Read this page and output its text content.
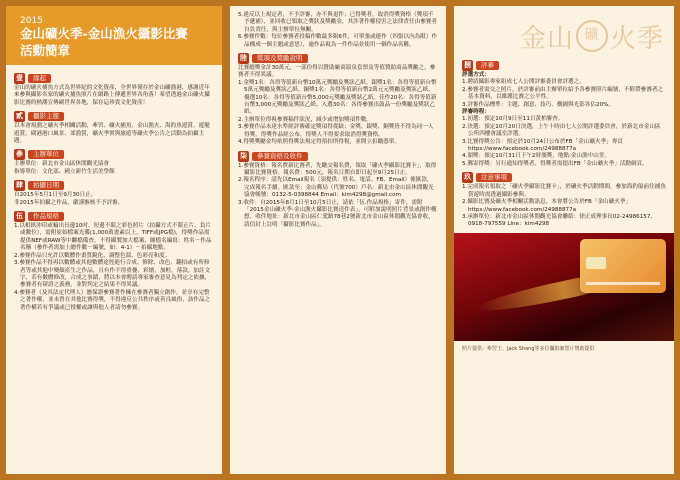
2015
金山礦火季-金山漁火攝影比賽
活動簡章
壹	緣起

金山的礦火捕魚方式為世界紀的文化資產，全世界僅存於金山礦漁港，感謝近年來參與攝影名家的礦火捕魚照片在網路上傳遞世界各角落！希望透過金山礦火攝影比賽的熱潮宣傳刷世界各地，保存這珍貴文化資產！

貳	攝影主題

以本會規劃之礦火季相關活動，牽罟、礦火捕魚、金山漁火、海釣魚遊賞、遊艇遊賞、磺港港口風景、郊漁賞，礦火季實與旅遊等礦火季公告之活動為拍攝主題。

參	主辦單位

主辦單位：新北市金山區休閒觀光協會

指導單位：文化部、國立新竹生活美學館

肆	拍攝日期

自2015年5月1日至9月30日止。

非2015年拍攝之作品，嚴謹審核不予評審。

伍	作品規格

1.以相紙沖印或輸出長邊10吋、短邊不限之彩色照片（拍攝方式不限正片、負片或數位），需附原始檔案光碟(1,000萬畫素以上，TIFF或JPG檔)，得獎作品需提供NEF或RAW等中繼檔備查，不得攝製加大檔案，圖檔名編寫：姓名－作品名稱（參作者需加上總件數－編號，如：4-1）－拍攝地點。

2.參賽作品只允許以數體作畫質銳化、調整色溫、色彩亮和度。

3.參賽作品不得再以數體或其他數體途徑進行合成、修除、改色、翻拍或有所修者等或其他中變顏產生之作品，且有作不得重疊，彩繪，加框，落款，加註文字，若有數體修改，合成之事蹟，將以本會聘請專家審查意見為判定之依據，參賽者有辯證之義務，並對判定之結果不得異議。

4.參賽者（及其法定代理人）應保證參賽著作擁在參賽者獨立創作，並享有完整之著作權，並未曾在其他比賽得獎，不得違反公共秩序或善良風俗，該作品之著作權若有爭議或已授權或讓與他人者請勿參賽。

5.違反以上規定者，不予評審，亦不與退件；已得獎者，取消得獎資格（獎項不予遞補），並回收已領取之獎狀及獎勵金，其涉著作權侵害之法律責任由參賽者自負責任，與主辦單位無關。

6.參賽件數：每位參賽者投稿作數最多限6件，可單張或連作（四張以內為限）作品構成一個主題或意思），逾作品視為一件作品並使用一個作品名稱。

陸	獎項及獎勵說明

比賽總獎金計30萬元，一部份得以贊助廠商溫泉套票及等值贊助商品獎勵之，參賽者不得異議。

1.金獎1名：各得等值新台幣10萬元獎勵及獎狀乙紙。銀獎1名：各得等值新台幣5萬元獎勵及獎狀乙紙。銅獎1名：各得等值新台幣2萬元元獎勵及獎狀乙紙。優選10名：各得等值新台幣5,000元獎勵及獎狀乙紙。佳作20名：各得等值新台幣3,000元獎勵及獎狀乙紙。入選30名：各得參賽出鼓品一份獎勵及獎狀乙紙。

2.主辦單位得視參賽稿件狀況，減少或增加獎項件數。

3.參賽作品未達水準經評審確定獎項得從缺；金獎、銀獎、銅獎皆不得為同一人得獎。得獎作品經公布，得獎人不得要求取消得獎資格。

4.得獎獎勵金均依照得獎法規定得預扣所得稅，並開立扣繳憑單。

柒	參賽資格及收件

1.參賽資格：報名費新比賽者，先繳交報名費，領取「礦火季攝影比賽卡」，取得攝影比賽資格。報名費：500元，報名日期自即日起至9月25日止。

2.報名程序：請先以Email報名（須提供：姓名、電話、FB、Email）後匯款，完成報名手續。匯款至：金山郵局（代號700）戶名：新北市金山區休閒觀光協會帳號：0132-5-0398844 Email：kim4298@gmail.com

3.收件：自2015年8月1日至10月5日止，請依「伍.作品規格」寄件，需附「2015金山礦火季-金山漁火攝影比賽送件表」，可附加說明照片背景或創作構想。收件地址：新北市金山區仁愛路78巷2號新北市金山區休閒觀光協會收，請信封上註明「攝影比賽作品」。

金山 礦 火季
捌	評審

評選方式：

1.聘請攝影專家組成七人公開評審委員會評選之。

2.參賽者需交之照片，於評審前由主辦單位給予各參賽照片編號，不附帶參賽者之基本資料，以維護比賽之公平性。

3.評審作品標準：主題、創意、技巧、構圖與光影各佔20%。

評審時程：

1.初選：預定10月9日至11日黃柏審查。

2.決選：預定10月20日決選，上午十時由七人公開評選委員會，於新北市金山區公所四樓會議室評選。

3.比賽得獎公告：預定於10月24日公布於FB「金山礦火季」專頁https://www.facebook.com/24988877a

4.頒獎：預定10月31日下午2時頒獎，地點:金山漁中山堂。

5.郵寄得獎：另行通知得獎者，得獎者需提出FB「金山礦火季」活動網頁。

玖	注意事項

1.完成報名領取之「礦火季攝影比賽卡」，於礦火季活動期間，參加海釣船前往捕魚賞遊時需透過攝影參與。

2.攝影比賽及礦火季相關活動訊息，本會將公告於FB「金山礦火季」https://www.facebook.com/24988877a

3.承辦單位：新北市金山區休閒觀光協會聯絡：徐正成理事長02-24986157、0918-797559 Line：kim4298

照片提供：牽罟王、Jack Shang等多位攝影師黑片贊助提供
